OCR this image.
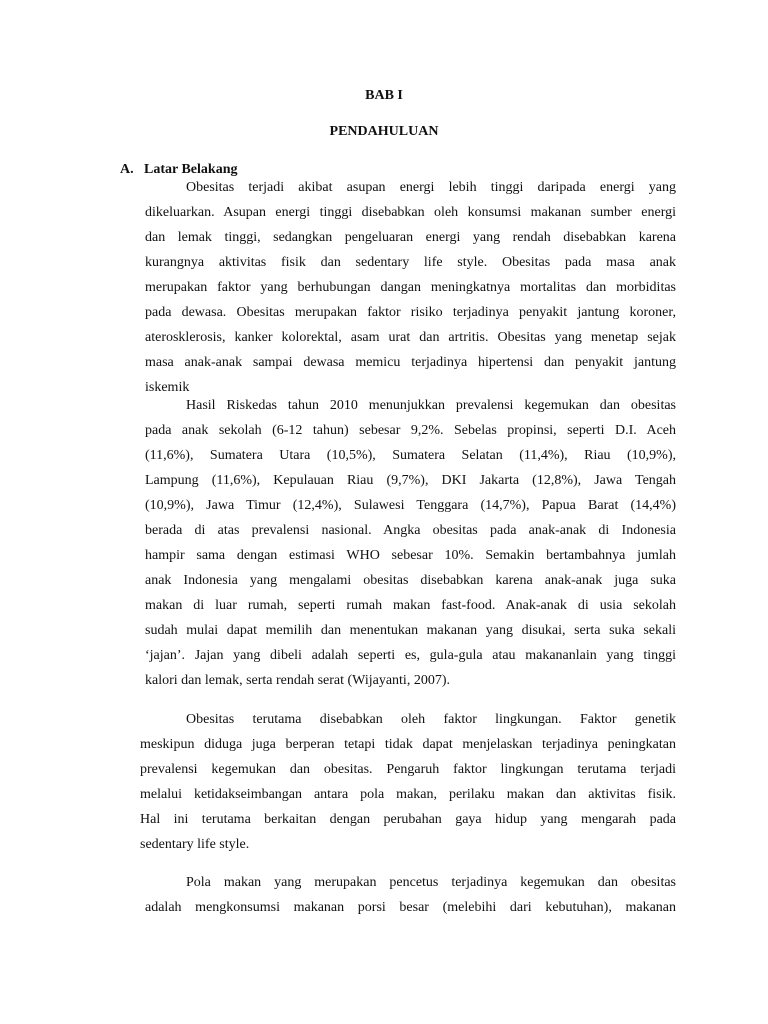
BAB I
PENDAHULUAN
A. Latar Belakang
Obesitas terjadi akibat asupan energi lebih tinggi daripada energi yang
dikeluarkan. Asupan energi tinggi disebabkan oleh konsumsi makanan sumber energi
dan lemak tinggi, sedangkan pengeluaran energi yang rendah disebabkan karena
kurangnya aktivitas fisik dan sedentary life style. Obesitas pada masa anak
merupakan faktor yang berhubungan dangan meningkatnya mortalitas dan morbiditas
pada dewasa. Obesitas merupakan faktor risiko terjadinya penyakit jantung koroner,
aterosklerosis, kanker kolorektal, asam urat dan artritis. Obesitas yang menetap sejak
masa anak-anak sampai dewasa memicu terjadinya hipertensi dan penyakit jantung
iskemik
Hasil Riskedas tahun 2010 menunjukkan prevalensi kegemukan dan obesitas
pada anak sekolah (6-12 tahun) sebesar 9,2%. Sebelas propinsi, seperti D.I. Aceh
(11,6%), Sumatera Utara (10,5%), Sumatera Selatan (11,4%), Riau (10,9%),
Lampung (11,6%), Kepulauan Riau (9,7%), DKI Jakarta (12,8%), Jawa Tengah
(10,9%), Jawa Timur (12,4%), Sulawesi Tenggara (14,7%), Papua Barat (14,4%)
berada di atas prevalensi nasional. Angka obesitas pada anak-anak di Indonesia
hampir sama dengan estimasi WHO sebesar 10%. Semakin bertambahnya jumlah
anak Indonesia yang mengalami obesitas disebabkan karena anak-anak juga suka
makan di luar rumah, seperti rumah makan fast-food. Anak-anak di usia sekolah
sudah mulai dapat memilih dan menentukan makanan yang disukai, serta suka sekali
‘jajan’. Jajan yang dibeli adalah seperti es, gula-gula atau makananlain yang tinggi
kalori dan lemak, serta rendah serat (Wijayanti, 2007).
Obesitas terutama disebabkan oleh faktor lingkungan. Faktor genetik
meskipun diduga juga berperan tetapi tidak dapat menjelaskan terjadinya peningkatan
prevalensi kegemukan dan obesitas. Pengaruh faktor lingkungan terutama terjadi
melalui ketidakseimbangan antara pola makan, perilaku makan dan aktivitas fisik.
Hal ini terutama berkaitan dengan perubahan gaya hidup yang mengarah pada
sedentary life style.
Pola makan yang merupakan pencetus terjadinya kegemukan dan obesitas
adalah mengkonsumsi makanan porsi besar (melebihi dari kebutuhan), makanan
